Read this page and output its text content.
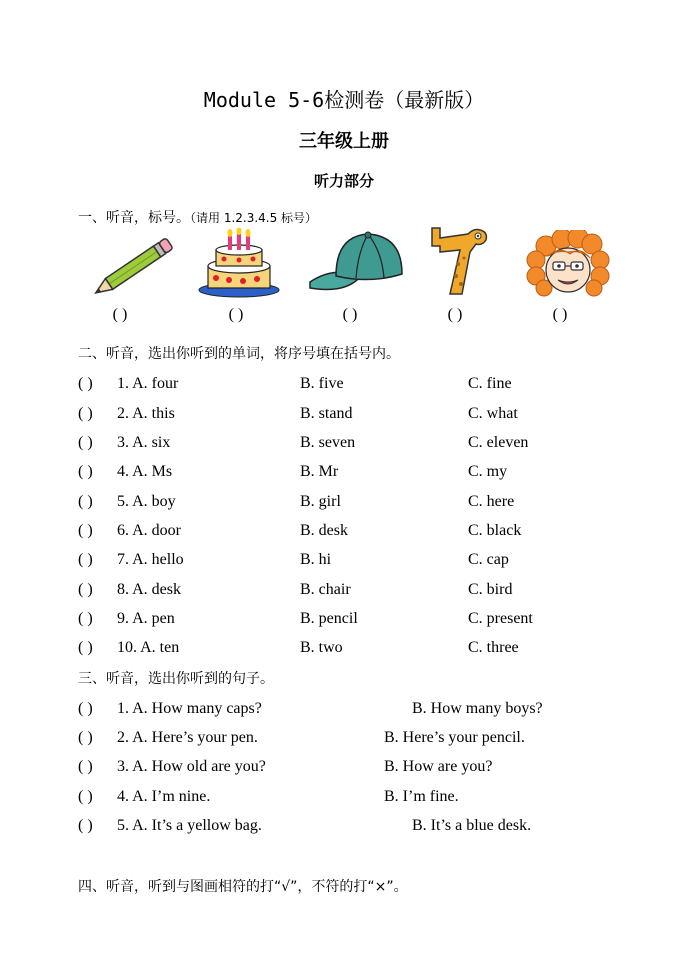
Module 5-6检测卷（最新版）
三年级上册
听力部分
一、听音，标号。（请用 1.2.3.4.5 标号）
( )	( )	( )	( )	( )
二、听音，选出你听到的单词，将序号填在括号内。
( ) 1. A. four	B. five	C. fine
( ) 2. A. this	B. stand	C. what
( ) 3. A. six	B. seven	C. eleven
( ) 4. A. Ms	B. Mr	C. my
( ) 5. A. boy	B. girl	C. here
( ) 6. A. door	B. desk	C. black
( ) 7. A. hello	B. hi	C. cap
( ) 8. A. desk	B. chair	C. bird
( ) 9. A. pen	B. pencil	C. present
( ) 10. A. ten	B. two	C. three
三、听音，选出你听到的句子。
( ) 1. A. How many caps?	B. How many boys?
( ) 2. A. Here’s your pen.	B. Here’s your pencil.
( ) 3. A. How old are you?	B. How are you?
( ) 4. A. I’m nine.	B. I’m fine.
( ) 5. A. It’s a yellow bag.	B. It’s a blue desk.
四、听音，听到与图画相符的打“√”，不符的打“×”。
